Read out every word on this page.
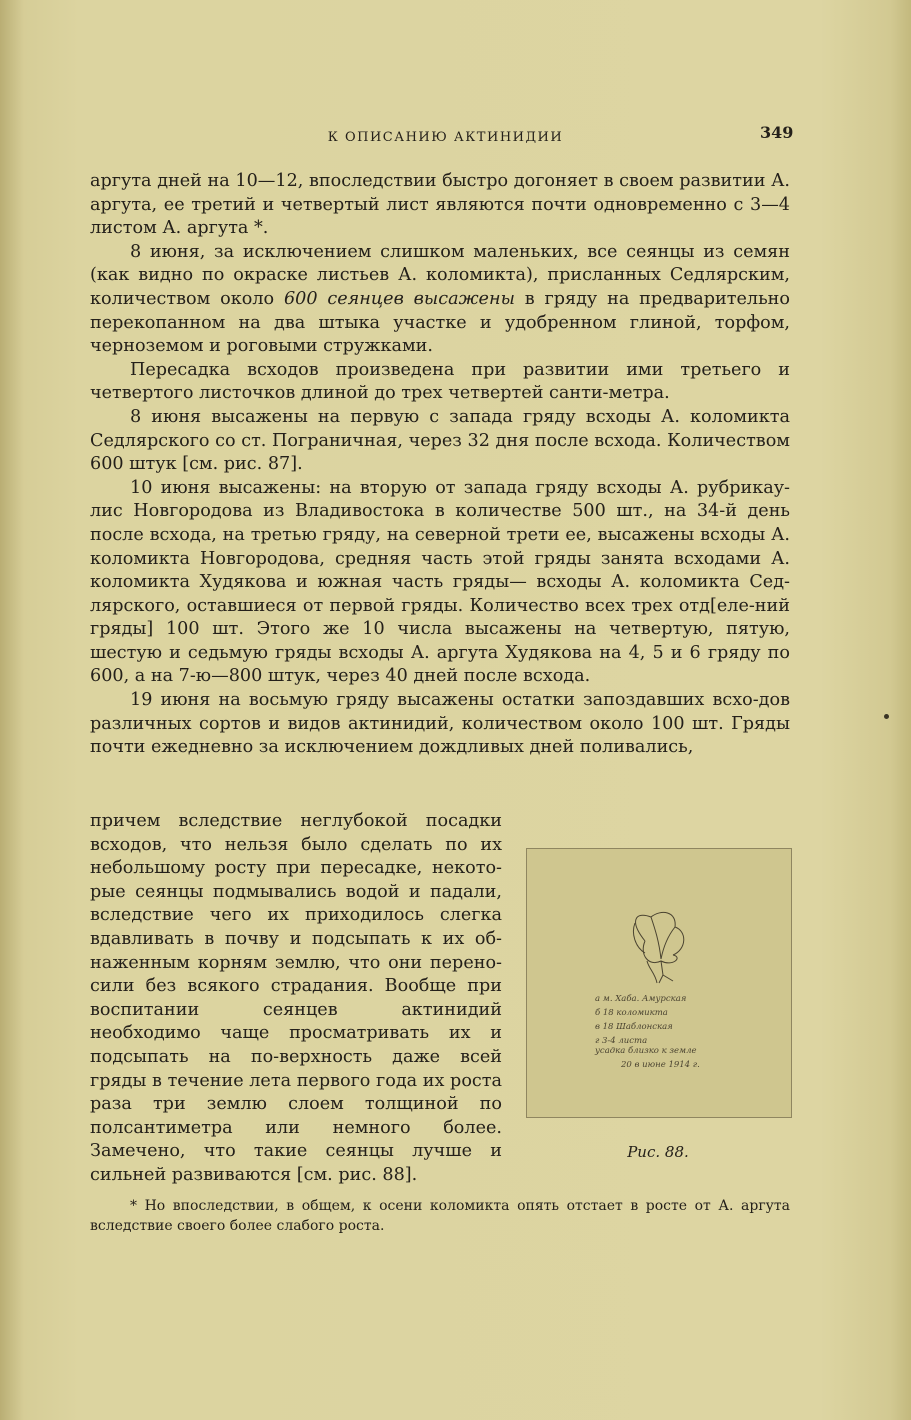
К ОПИСАНИЮ АКТИНИДИИ	349

аргута дней на 10—12, впоследствии быстро догоняет в своем развитии А. аргута, ее третий и четвертый лист являются почти одновременно с 3—4 листом А. аргута *.

8 июня, за исключением слишком маленьких, все сеянцы из семян (как видно по окраске листьев А. коломикта), присланных Седлярским, количеством около 600 сеянцев высажены в гряду на предварительно перекопанном на два штыка участке и удобренном глиной, торфом, черноземом и роговыми стружками.

Пересадка всходов произведена при развитии ими третьего и четвертого листочков длиной до трех четвертей санти-метра.

8 июня высажены на первую с запада гряду всходы А. коломикта Седлярского со ст. Пограничная, через 32 дня после всхода. Количеством 600 штук [см. рис. 87].

10 июня высажены: на вторую от запада гряду всходы А. рубрикау-лис Новгородова из Владивостока в количестве 500 шт., на 34-й день после всхода, на третью гряду, на северной трети ее, высажены всходы А. коломикта Новгородова, средняя часть этой гряды занята всходами А. коломикта Худякова и южная часть гряды— всходы А. коломикта Сед-лярского, оставшиеся от первой гряды. Количество всех трех отд[еле-ний гряды] 100 шт. Этого же 10 числа высажены на четвертую, пятую, шестую и седьмую гряды всходы А. аргута Худякова на 4, 5 и 6 гряду по 600, а на 7-ю—800 штук, через 40 дней после всхода.

19 июня на восьмую гряду высажены остатки запоздавших всхо-дов различных сортов и видов актинидий, количеством около 100 шт. Гряды почти ежедневно за исключением дождливых дней поливались,

причем вследствие неглубокой посадки всходов, что нельзя было сделать по их небольшому росту при пересадке, некото-рые сеянцы подмывались водой и падали, вследствие чего их приходилось слегка вдавливать в почву и подсыпать к их об-наженным корням землю, что они перено-сили без всякого страдания. Вообще при воспитании сеянцев актинидий необходимо чаще просматривать их и подсыпать на по-верхность даже всей гряды в течение лета первого года их роста раза три землю слоем толщиной по полсантиметра или немного более. Замечено, что такие сеянцы лучше и сильней развиваются [см. рис. 88].

a м. Хаба. Амурская
б 18 коломикта
в 18 Шаблонская
г 3-4 листа
усадка близко к земле
20 в июне 1914 г.
Рис. 88.

* Но впоследствии, в общем, к осени коломикта опять отстает в росте от А. аргута вследствие своего более слабого роста.
